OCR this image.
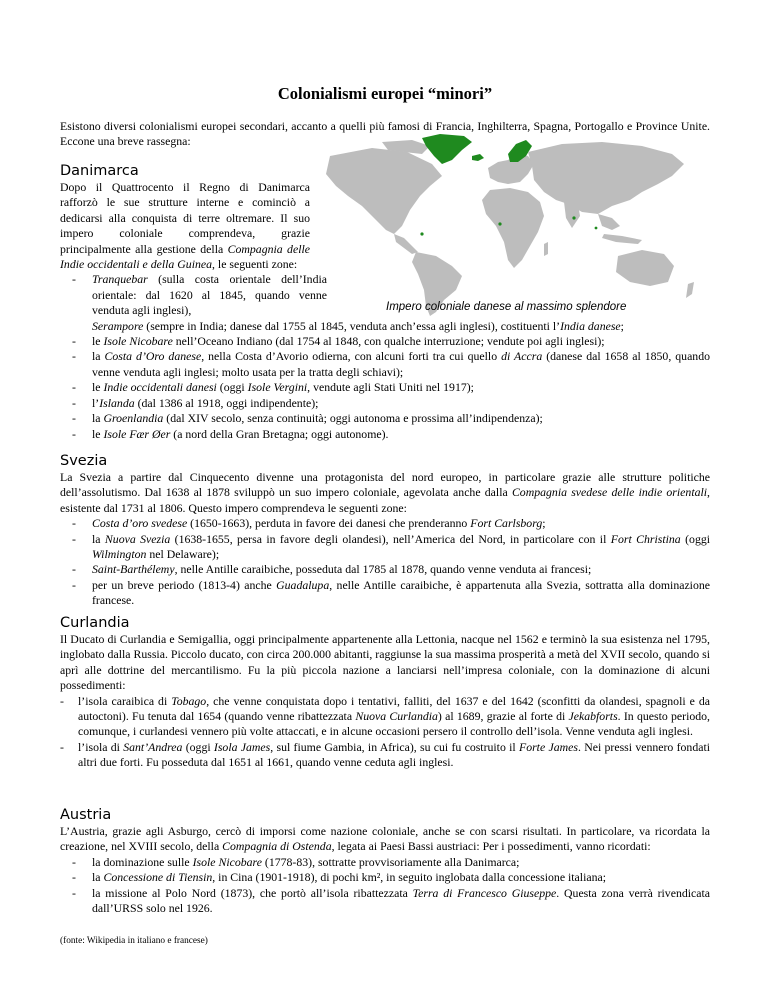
Colonialismi europei “minori”

Esistono diversi colonialismi europei secondari, accanto a quelli più famosi di Francia, Inghilterra, Spagna, Portogallo e Province Unite. Eccone una breve rassegna:

Impero coloniale danese al massimo splendore
Danimarca

Dopo il Quattrocento il Regno di Danimarca rafforzò le sue strutture interne e cominciò a dedicarsi alla conquista di terre oltremare. Il suo impero coloniale comprendeva, grazie principalmente alla gestione della Compagnia delle Indie occidentali e della Guinea, le seguenti zone:

- Tranquebar (sulla costa orientale dell’India orientale: dal 1620 al 1845, quando venne venduta agli inglesi),
Serampore (sempre in India; danese dal 1755 al 1845, venduta anch’essa agli inglesi), costituenti l’India danese;
- le Isole Nicobare nell’Oceano Indiano (dal 1754 al 1848, con qualche interruzione; vendute poi agli inglesi);
- la Costa d’Oro danese, nella Costa d’Avorio odierna, con alcuni forti tra cui quello di Accra (danese dal 1658 al 1850, quando venne venduta agli inglesi; molto usata per la tratta degli schiavi);
- le Indie occidentali danesi (oggi Isole Vergini, vendute agli Stati Uniti nel 1917);
- l’Islanda (dal 1386 al 1918, oggi indipendente);
- la Groenlandia (dal XIV secolo, senza continuità; oggi autonoma e prossima all’indipendenza);
- le Isole Fær Øer (a nord della Gran Bretagna; oggi autonome).
Svezia

La Svezia a partire dal Cinquecento divenne una protagonista del nord europeo, in particolare grazie alle strutture politiche dell’assolutismo. Dal 1638 al 1878 sviluppò un suo impero coloniale, agevolata anche dalla Compagnia svedese delle indie orientali, esistente dal 1731 al 1806. Questo impero comprendeva le seguenti zone:

- Costa d’oro svedese (1650-1663), perduta in favore dei danesi che prenderanno Fort Carlsborg;
- la Nuova Svezia (1638-1655, persa in favore degli olandesi), nell’America del Nord, in particolare con il Fort Christina (oggi Wilmington nel Delaware);
- Saint-Barthélemy, nelle Antille caraibiche, posseduta dal 1785 al 1878, quando venne venduta ai francesi;
- per un breve periodo (1813-4) anche Guadalupa, nelle Antille caraibiche, è appartenuta alla Svezia, sottratta alla dominazione francese.
Curlandia

Il Ducato di Curlandia e Semigallia, oggi principalmente appartenente alla Lettonia, nacque nel 1562 e terminò la sua esistenza nel 1795, inglobato dalla Russia. Piccolo ducato, con circa 200.000 abitanti, raggiunse la sua massima prosperità a metà del XVII secolo, quando si aprì alle dottrine del mercantilismo. Fu la più piccola nazione a lanciarsi nell’impresa coloniale, con la dominazione di alcuni possedimenti:

- l’isola caraibica di Tobago, che venne conquistata dopo i tentativi, falliti, del 1637 e del 1642 (sconfitti da olandesi, spagnoli e da autoctoni). Fu tenuta dal 1654 (quando venne ribattezzata Nuova Curlandia) al 1689, grazie al forte di Jekabforts. In questo periodo, comunque, i curlandesi vennero più volte attaccati, e in alcune occasioni persero il controllo dell’isola. Venne venduta agli inglesi.
- l’isola di Sant’Andrea (oggi Isola James, sul fiume Gambia, in Africa), su cui fu costruito il Forte James. Nei pressi vennero fondati altri due forti. Fu posseduta dal 1651 al 1661, quando venne ceduta agli inglesi.
Austria

L’Austria, grazie agli Asburgo, cercò di imporsi come nazione coloniale, anche se con scarsi risultati. In particolare, va ricordata la creazione, nel XVIII secolo, della Compagnia di Ostenda, legata ai Paesi Bassi austriaci: Per i possedimenti, vanno ricordati:

- la dominazione sulle Isole Nicobare (1778-83), sottratte provvisoriamente alla Danimarca;
- la Concessione di Tiensin, in Cina (1901-1918), di pochi km², in seguito inglobata dalla concessione italiana;
- la missione al Polo Nord (1873), che portò all’isola ribattezzata Terra di Francesco Giuseppe. Questa zona verrà rivendicata dall’URSS solo nel 1926.
(fonte: Wikipedia in italiano e francese)
